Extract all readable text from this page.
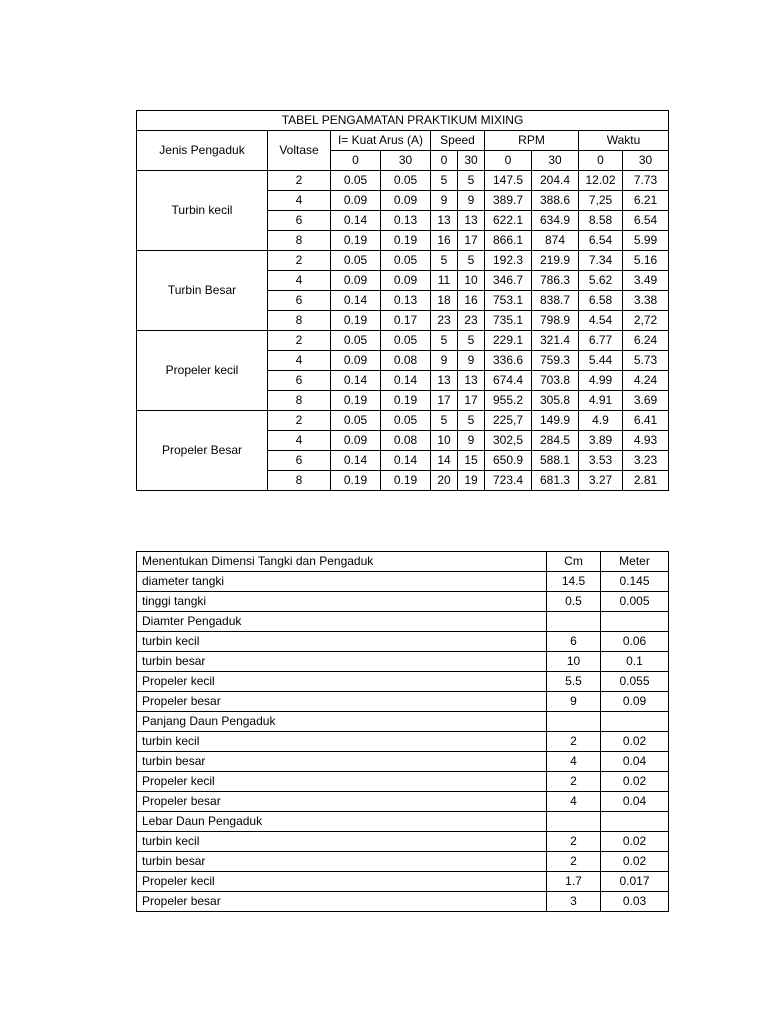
TABEL PENGAMATAN PRAKTIKUM MIXING									
Jenis Pengaduk	Voltase	I= Kuat Arus (A)		Speed		RPM		Waktu	
		0	30	0	30	0	30	0	30
Turbin kecil	2	0.05	0.05	5	5	147.5	204.4	12.02	7.73
	4	0.09	0.09	9	9	389.7	388.6	7,25	6.21
	6	0.14	0.13	13	13	622.1	634.9	8.58	6.54
	8	0.19	0.19	16	17	866.1	874	6.54	5.99
Turbin Besar	2	0.05	0.05	5	5	192.3	219.9	7.34	5.16
	4	0.09	0.09	11	10	346.7	786.3	5.62	3.49
	6	0.14	0.13	18	16	753.1	838.7	6.58	3.38
	8	0.19	0.17	23	23	735.1	798.9	4.54	2,72
Propeler kecil	2	0.05	0.05	5	5	229.1	321.4	6.77	6.24
	4	0.09	0.08	9	9	336.6	759.3	5.44	5.73
	6	0.14	0.14	13	13	674.4	703.8	4.99	4.24
	8	0.19	0.19	17	17	955.2	305.8	4.91	3.69
Propeler Besar	2	0.05	0.05	5	5	225,7	149.9	4.9	6.41
	4	0.09	0.08	10	9	302,5	284.5	3.89	4.93
	6	0.14	0.14	14	15	650.9	588.1	3.53	3.23
	8	0.19	0.19	20	19	723.4	681.3	3.27	2.81
Menentukan Dimensi Tangki dan Pengaduk	Cm	Meter
diameter tangki	14.5	0.145
tinggi tangki	0.5	0.005
Diamter Pengaduk		
turbin kecil	6	0.06
turbin besar	10	0.1
Propeler kecil	5.5	0.055
Propeler besar	9	0.09
Panjang Daun Pengaduk		
turbin kecil	2	0.02
turbin besar	4	0.04
Propeler kecil	2	0.02
Propeler besar	4	0.04
Lebar Daun Pengaduk		
turbin kecil	2	0.02
turbin besar	2	0.02
Propeler kecil	1.7	0.017
Propeler besar	3	0.03
